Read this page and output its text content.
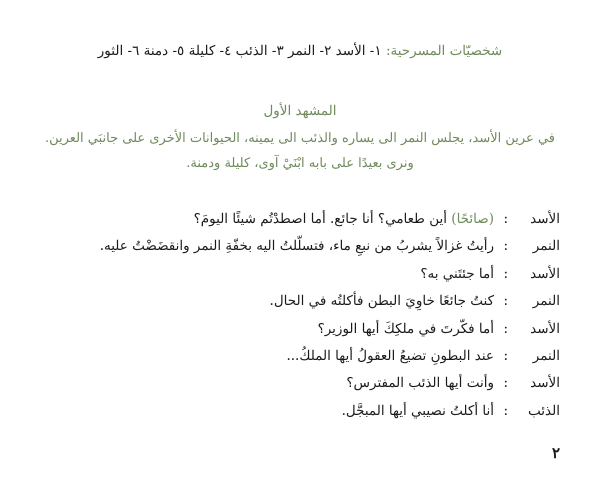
شخصيّات المسرحية: ١- الأسد ٢- النمر ٣- الذئب ٤- كليلة ٥- دمنة ٦- الثور
المشهد الأول
في عرين الأسد، يجلس النمر الى يساره والذئب الى يمينه، الحيوانات الأخرى على جانبَي العرين.
ونرى بعيدًا على بابه ابْنَيْ آوى، كليلة ودمنة.
الأسد
:
(صائحًا) أين طعامي؟ أنا جائع. أما اصطدْتُم شيئًا اليومَ؟
النمر
:
رأيتُ غزالاً يشربُ من نبعِ ماء، فتسلّلتُ اليه بخفّةِ النمر وانقضَضْتُ عليه.
الأسد
:
أما جئتَني به؟
النمر
:
كنتُ جائعًا خاوِيَ البطن فأكلتُه في الحال.
الأسد
:
أما فكّرتَ في ملكِكَ أيها الوزير؟
النمر
:
عند البطونِ تضيعُ العقولُ أيها الملكُ...
الأسد
:
وأنت أيها الذئب المفترس؟
الذئب
:
أنا أكلتُ نصيبي أيها المبجَّل.
٢
